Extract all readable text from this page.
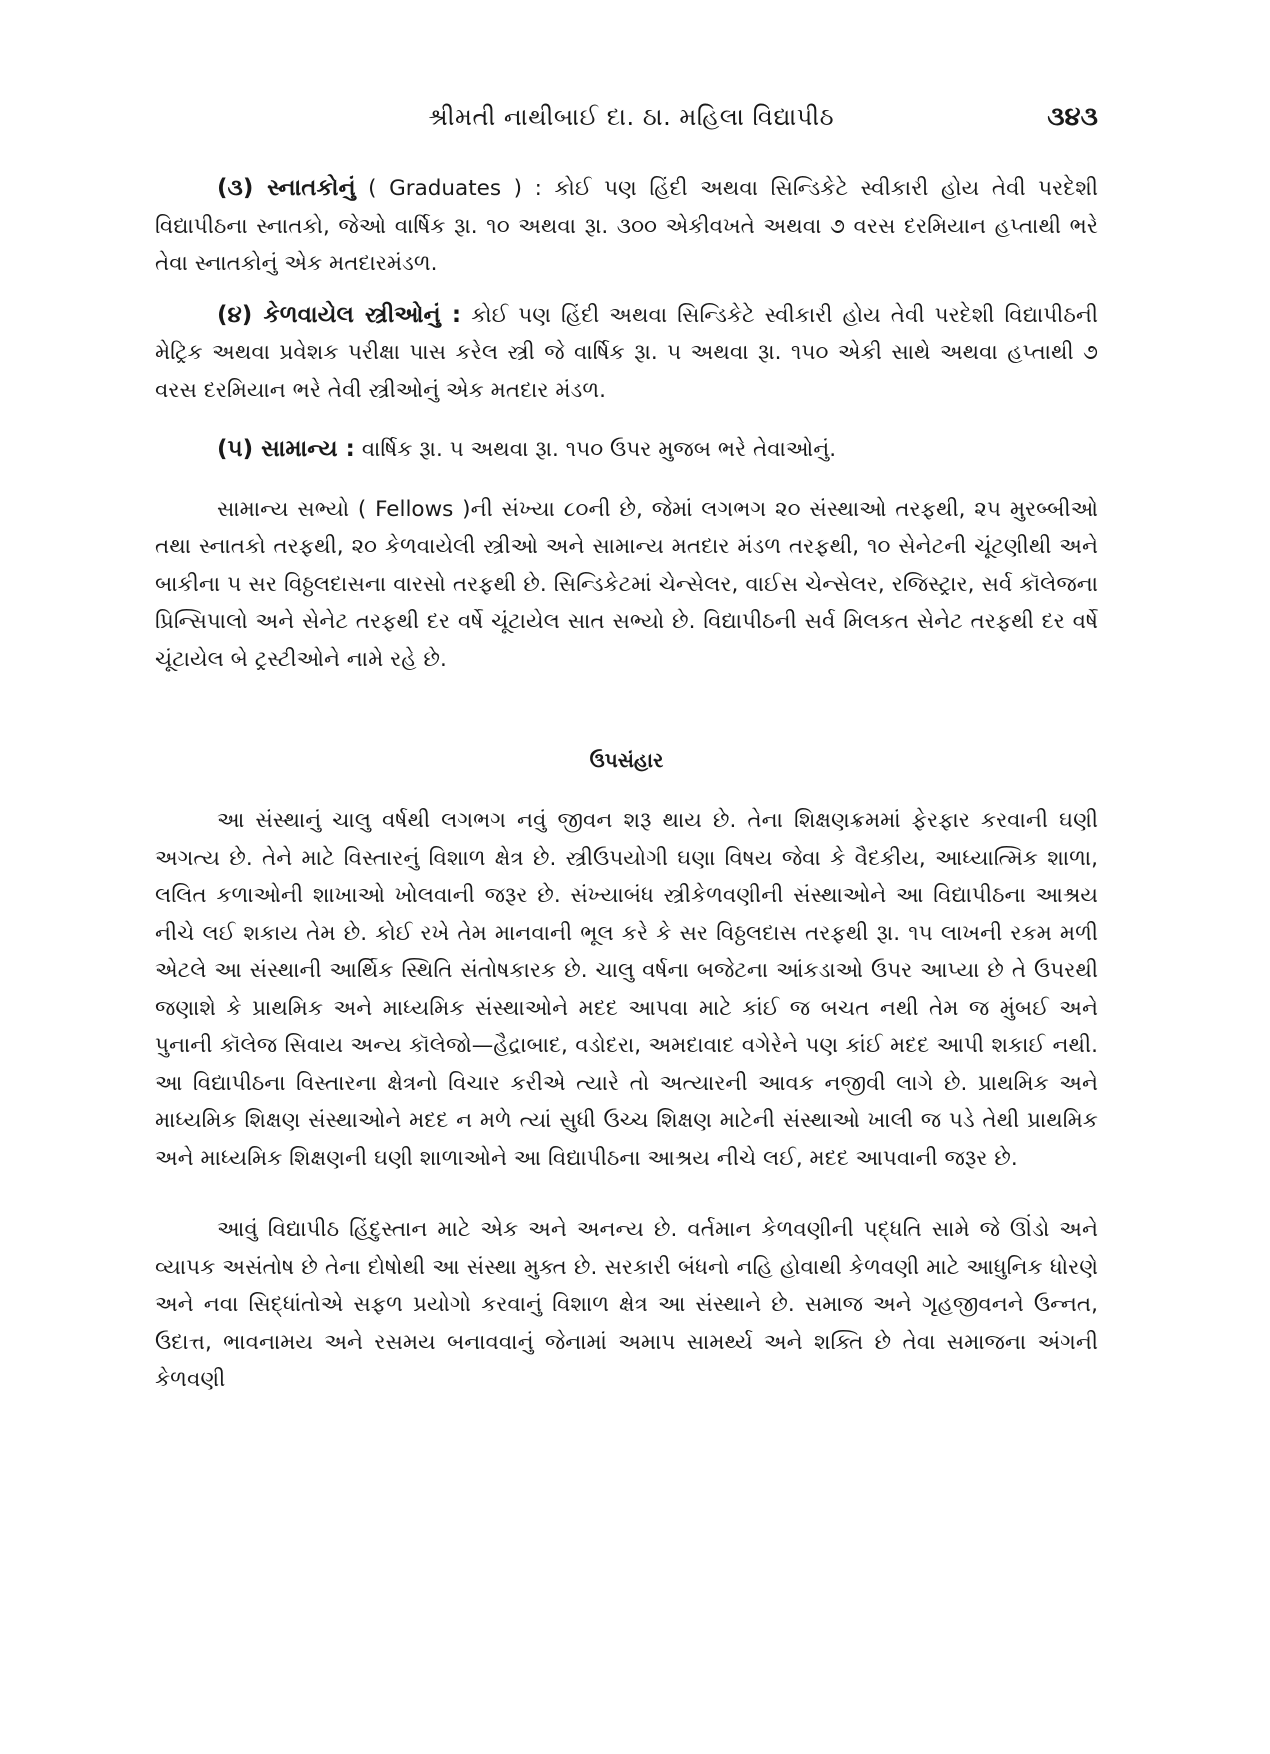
શ્રીમતી નાથીબાઈ દા. ઠા. મહિલા વિદ્યાપીઠ	૩૪૩

(૩) સ્નાતકોનું ( Graduates ) : કોઈ પણ હિંદી અથવા સિન્ડિકેટે સ્વીકારી હોય તેવી પરદેશી વિદ્યાપીઠના સ્નાતકો, જેઓ વાર્ષિક રૂા. ૧૦ અથવા રૂા. ૩૦૦ એકીવખતે અથવા ૭ વરસ દરમિયાન હપ્તાથી ભરે તેવા સ્નાતકોનું એક મતદારમંડળ.

(૪) કેળવાયેલ સ્ત્રીઓનું : કોઈ પણ હિંદી અથવા સિન્ડિકેટે સ્વીકારી હોય તેવી પરદેશી વિદ્યાપીઠની મેટ્રિક અથવા પ્રવેશક પરીક્ષા પાસ કરેલ સ્ત્રી જે વાર્ષિક રૂા. ૫ અથવા રૂા. ૧૫૦ એકી સાથે અથવા હપ્તાથી ૭ વરસ દરમિયાન ભરે તેવી સ્ત્રીઓનું એક મતદાર મંડળ.

(૫) સામાન્ય : વાર્ષિક રૂા. ૫ અથવા રૂા. ૧૫૦ ઉપર મુજબ ભરે તેવાઓનું.

સામાન્ય સભ્યો ( Fellows )ની સંખ્યા ૮૦ની છે, જેમાં લગભગ ૨૦ સંસ્થાઓ તરફથી, ૨૫ મુરબ્બીઓ તથા સ્નાતકો તરફથી, ૨૦ કેળવાયેલી સ્ત્રીઓ અને સામાન્ય મતદાર મંડળ તરફથી, ૧૦ સેનેટની ચૂંટણીથી અને બાકીના ૫ સર વિઠ્ઠલદાસના વારસો તરફથી છે. સિન્ડિકેટમાં ચેન્સેલર, વાઈસ ચેન્સેલર, રજિસ્ટ્રાર, સર્વ કૉલેજના પ્રિન્સિપાલો અને સેનેટ તરફથી દર વર્ષે ચૂંટાયેલ સાત સભ્યો છે. વિદ્યાપીઠની સર્વ મિલકત સેનેટ તરફથી દર વર્ષે ચૂંટાયેલ બે ટ્રસ્ટીઓને નામે રહે છે.

ઉપસંહાર

આ સંસ્થાનું ચાલુ વર્ષથી લગભગ નવું જીવન શરૂ થાય છે. તેના શિક્ષણક્રમમાં ફેરફાર કરવાની ઘણી અગત્ય છે. તેને માટે વિસ્તારનું વિશાળ ક્ષેત્ર છે. સ્ત્રીઉપયોગી ઘણા વિષય જેવા કે વૈદકીય, આધ્યાત્મિક શાળા, લલિત કળાઓની શાખાઓ ખોલવાની જરૂર છે. સંખ્યાબંધ સ્ત્રીકેળવણીની સંસ્થાઓને આ વિદ્યાપીઠના આશ્રય નીચે લઈ શકાય તેમ છે. કોઈ રખે તેમ માનવાની ભૂલ કરે કે સર વિઠ્ઠલદાસ તરફથી રૂા. ૧૫ લાખની રકમ મળી એટલે આ સંસ્થાની આર્થિક સ્થિતિ સંતોષકારક છે. ચાલુ વર્ષના બજેટના આંકડાઓ ઉપર આપ્યા છે તે ઉપરથી જણાશે કે પ્રાથમિક અને માધ્યમિક સંસ્થાઓને મદદ આપવા માટે કાંઈ જ બચત નથી તેમ જ મુંબઈ અને પુનાની કૉલેજ સિવાય અન્ય કૉલેજો—હૈદ્રાબાદ, વડોદરા, અમદાવાદ વગેરેને પણ કાંઈ મદદ આપી શકાઈ નથી. આ વિદ્યાપીઠના વિસ્તારના ક્ષેત્રનો વિચાર કરીએ ત્યારે તો અત્યારની આવક નજીવી લાગે છે. પ્રાથમિક અને માધ્યમિક શિક્ષણ સંસ્થાઓને મદદ ન મળે ત્યાં સુધી ઉચ્ચ શિક્ષણ માટેની સંસ્થાઓ ખાલી જ પડે તેથી પ્રાથમિક અને માધ્યમિક શિક્ષણની ઘણી શાળાઓને આ વિદ્યાપીઠના આશ્રય નીચે લઈ, મદદ આપવાની જરૂર છે.

આવું વિદ્યાપીઠ હિંદુસ્તાન માટે એક અને અનન્ય છે. વર્તમાન કેળવણીની પદ્ધતિ સામે જે ઊંડો અને વ્યાપક અસંતોષ છે તેના દોષોથી આ સંસ્થા મુક્ત છે. સરકારી બંધનો નહિ હોવાથી કેળવણી માટે આધુનિક ધોરણે અને નવા સિદ્ધાંતોએ સફળ પ્રયોગો કરવાનું વિશાળ ક્ષેત્ર આ સંસ્થાને છે. સમાજ અને ગૃહજીવનને ઉન્નત, ઉદાત્ત, ભાવનામય અને રસમય બનાવવાનું જેનામાં અમાપ સામર્થ્ય અને શક્તિ છે તેવા સમાજના અંગની કેળવણી
